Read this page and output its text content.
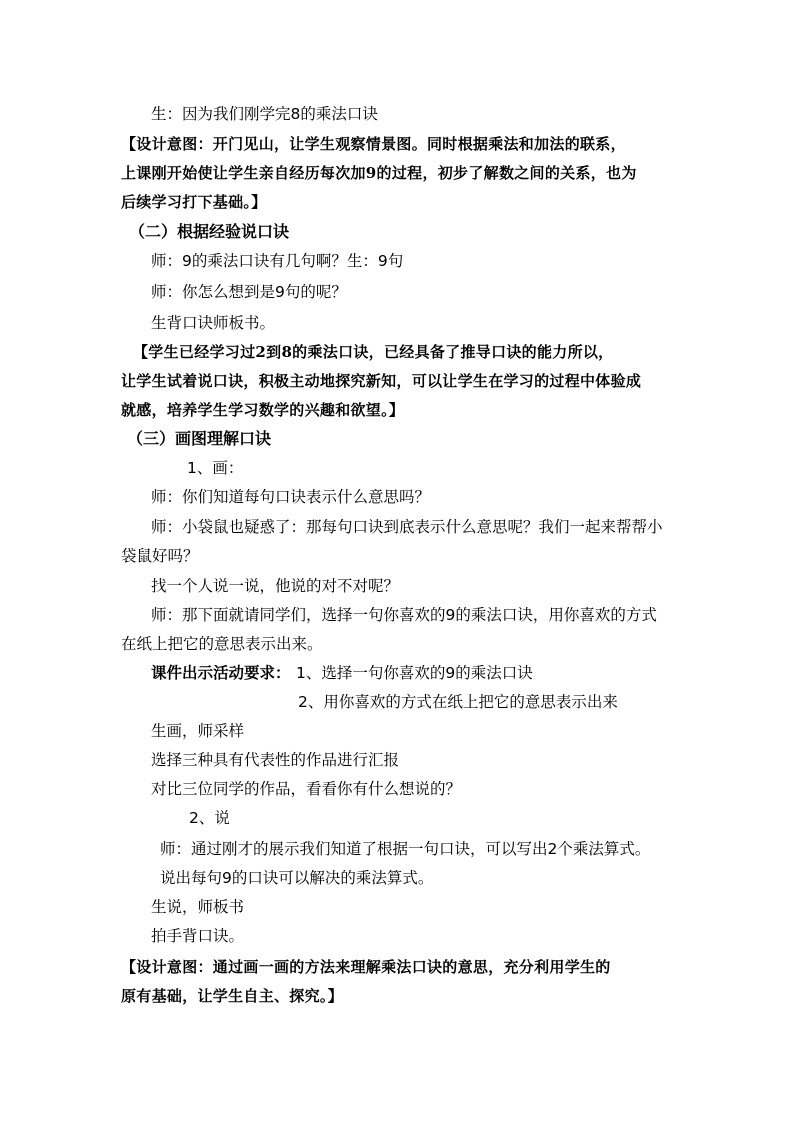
生：因为我们刚学完8的乘法口诀
【设计意图：开门见山，让学生观察情景图。同时根据乘法和加法的联系，
上课刚开始使让学生亲自经历每次加9的过程，初步了解数之间的关系，也为
后续学习打下基础。】
（二）根据经验说口诀
师：9的乘法口诀有几句啊？生：9句
师：你怎么想到是9句的呢？
生背口诀师板书。
【学生已经学习过2到8的乘法口诀，已经具备了推导口诀的能力所以，
让学生试着说口诀，积极主动地探究新知，可以让学生在学习的过程中体验成
就感，培养学生学习数学的兴趣和欲望。】
（三）画图理解口诀
1、画：
师：你们知道每句口诀表示什么意思吗？
师：小袋鼠也疑惑了：那每句口诀到底表示什么意思呢？我们一起来帮帮小
袋鼠好吗？
找一个人说一说，他说的对不对呢？
师：那下面就请同学们，选择一句你喜欢的9的乘法口诀，用你喜欢的方式
在纸上把它的意思表示出来。
课件出示活动要求： 1、选择一句你喜欢的9的乘法口诀
2、用你喜欢的方式在纸上把它的意思表示出来
生画，师采样
选择三种具有代表性的作品进行汇报
对比三位同学的作品，看看你有什么想说的？
2、说
师：通过刚才的展示我们知道了根据一句口诀，可以写出2个乘法算式。
说出每句9的口诀可以解决的乘法算式。
生说，师板书
拍手背口诀。
【设计意图：通过画一画的方法来理解乘法口诀的意思，充分利用学生的
原有基础，让学生自主、探究。】
